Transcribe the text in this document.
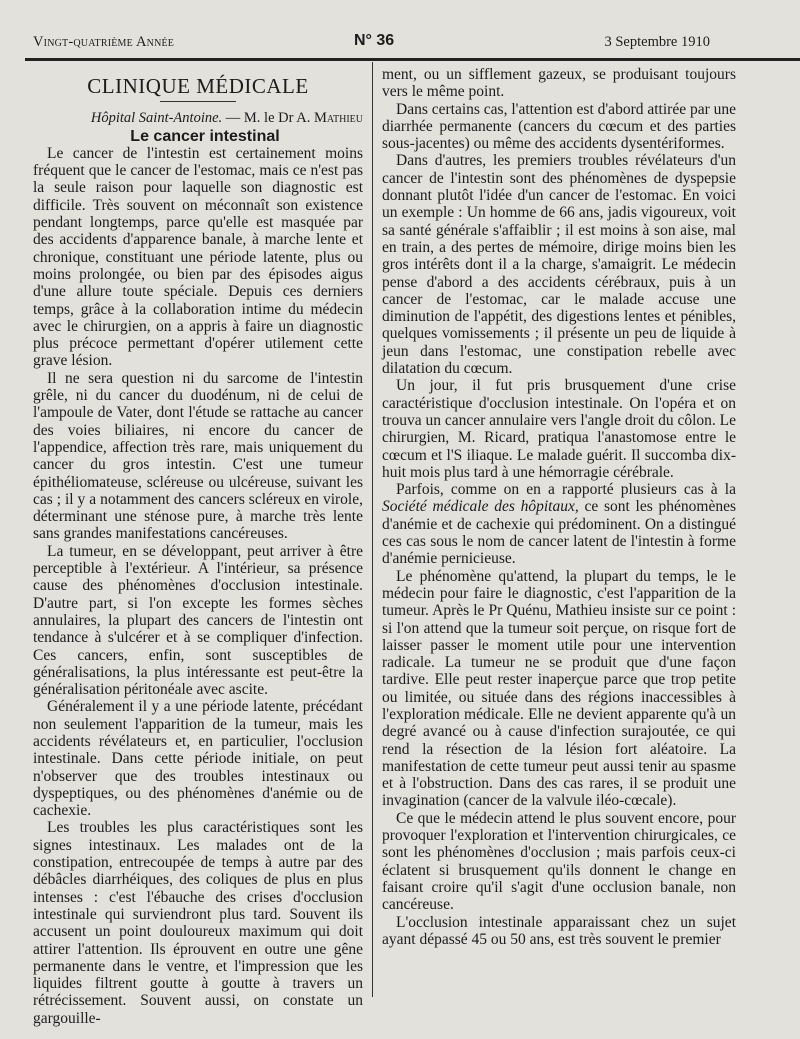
Vingt-quatrième Année	N° 36	3 Septembre 1910
CLINIQUE MÉDICALE

Hôpital Saint-Antoine. — M. le Dr A. Mathieu

Le cancer intestinal

Le cancer de l'intestin est certainement moins fréquent que le cancer de l'estomac, mais ce n'est pas la seule raison pour laquelle son diagnostic est difficile. Très souvent on méconnaît son existence pendant longtemps, parce qu'elle est masquée par des accidents d'apparence banale, à marche lente et chronique, constituant une période latente, plus ou moins prolongée, ou bien par des épisodes aigus d'une allure toute spéciale. Depuis ces derniers temps, grâce à la collaboration intime du médecin avec le chirurgien, on a appris à faire un diagnostic plus précoce permettant d'opérer utilement cette grave lésion.

Il ne sera question ni du sarcome de l'intestin grêle, ni du cancer du duodénum, ni de celui de l'ampoule de Vater, dont l'étude se rattache au cancer des voies biliaires, ni encore du cancer de l'appendice, affection très rare, mais uniquement du cancer du gros intestin. C'est une tumeur épithéliomateuse, scléreuse ou ulcéreuse, suivant les cas ; il y a notamment des cancers scléreux en virole, déterminant une sténose pure, à marche très lente sans grandes manifestations cancéreuses.

La tumeur, en se développant, peut arriver à être perceptible à l'extérieur. A l'intérieur, sa présence cause des phénomènes d'occlusion intestinale. D'autre part, si l'on excepte les formes sèches annulaires, la plupart des cancers de l'intestin ont tendance à s'ulcérer et à se compliquer d'infection. Ces cancers, enfin, sont susceptibles de généralisations, la plus intéressante est peut-être la généralisation péritonéale avec ascite.

Généralement il y a une période latente, précédant non seulement l'apparition de la tumeur, mais les accidents révélateurs et, en particulier, l'occlusion intestinale. Dans cette période initiale, on peut n'observer que des troubles intestinaux ou dyspeptiques, ou des phénomènes d'anémie ou de cachexie.

Les troubles les plus caractéristiques sont les signes intestinaux. Les malades ont de la constipation, entrecoupée de temps à autre par des débâcles diarrhéiques, des coliques de plus en plus intenses : c'est l'ébauche des crises d'occlusion intestinale qui surviendront plus tard. Souvent ils accusent un point douloureux maximum qui doit attirer l'attention. Ils éprouvent en outre une gêne permanente dans le ventre, et l'impression que les liquides filtrent goutte à goutte à travers un rétrécissement. Souvent aussi, on constate un gargouille-

ment, ou un sifflement gazeux, se produisant toujours vers le même point.

Dans certains cas, l'attention est d'abord attirée par une diarrhée permanente (cancers du cœcum et des parties sous-jacentes) ou même des accidents dysentériformes.

Dans d'autres, les premiers troubles révélateurs d'un cancer de l'intestin sont des phénomènes de dyspepsie donnant plutôt l'idée d'un cancer de l'estomac. En voici un exemple : Un homme de 66 ans, jadis vigoureux, voit sa santé générale s'affaiblir ; il est moins à son aise, mal en train, a des pertes de mémoire, dirige moins bien les gros intérêts dont il a la charge, s'amaigrit. Le médecin pense d'abord a des accidents cérébraux, puis à un cancer de l'estomac, car le malade accuse une diminution de l'appétit, des digestions lentes et pénibles, quelques vomissements ; il présente un peu de liquide à jeun dans l'estomac, une constipation rebelle avec dilatation du cœcum.

Un jour, il fut pris brusquement d'une crise caractéristique d'occlusion intestinale. On l'opéra et on trouva un cancer annulaire vers l'angle droit du côlon. Le chirurgien, M. Ricard, pratiqua l'anastomose entre le cœcum et l'S iliaque. Le malade guérit. Il succomba dix-huit mois plus tard à une hémorragie cérébrale.

Parfois, comme on en a rapporté plusieurs cas à la Société médicale des hôpitaux, ce sont les phénomènes d'anémie et de cachexie qui prédominent. On a distingué ces cas sous le nom de cancer latent de l'intestin à forme d'anémie pernicieuse.

Le phénomène qu'attend, la plupart du temps, le le médecin pour faire le diagnostic, c'est l'apparition de la tumeur. Après le Pr Quénu, Mathieu insiste sur ce point : si l'on attend que la tumeur soit perçue, on risque fort de laisser passer le moment utile pour une intervention radicale. La tumeur ne se produit que d'une façon tardive. Elle peut rester inaperçue parce que trop petite ou limitée, ou située dans des régions inaccessibles à l'exploration médicale. Elle ne devient apparente qu'à un degré avancé ou à cause d'infection surajoutée, ce qui rend la résection de la lésion fort aléatoire. La manifestation de cette tumeur peut aussi tenir au spasme et à l'obstruction. Dans des cas rares, il se produit une invagination (cancer de la valvule iléo-cœcale).

Ce que le médecin attend le plus souvent encore, pour provoquer l'exploration et l'intervention chirurgicales, ce sont les phénomènes d'occlusion ; mais parfois ceux-ci éclatent si brusquement qu'ils donnent le change en faisant croire qu'il s'agit d'une occlusion banale, non cancéreuse.

L'occlusion intestinale apparaissant chez un sujet ayant dépassé 45 ou 50 ans, est très souvent le premier
